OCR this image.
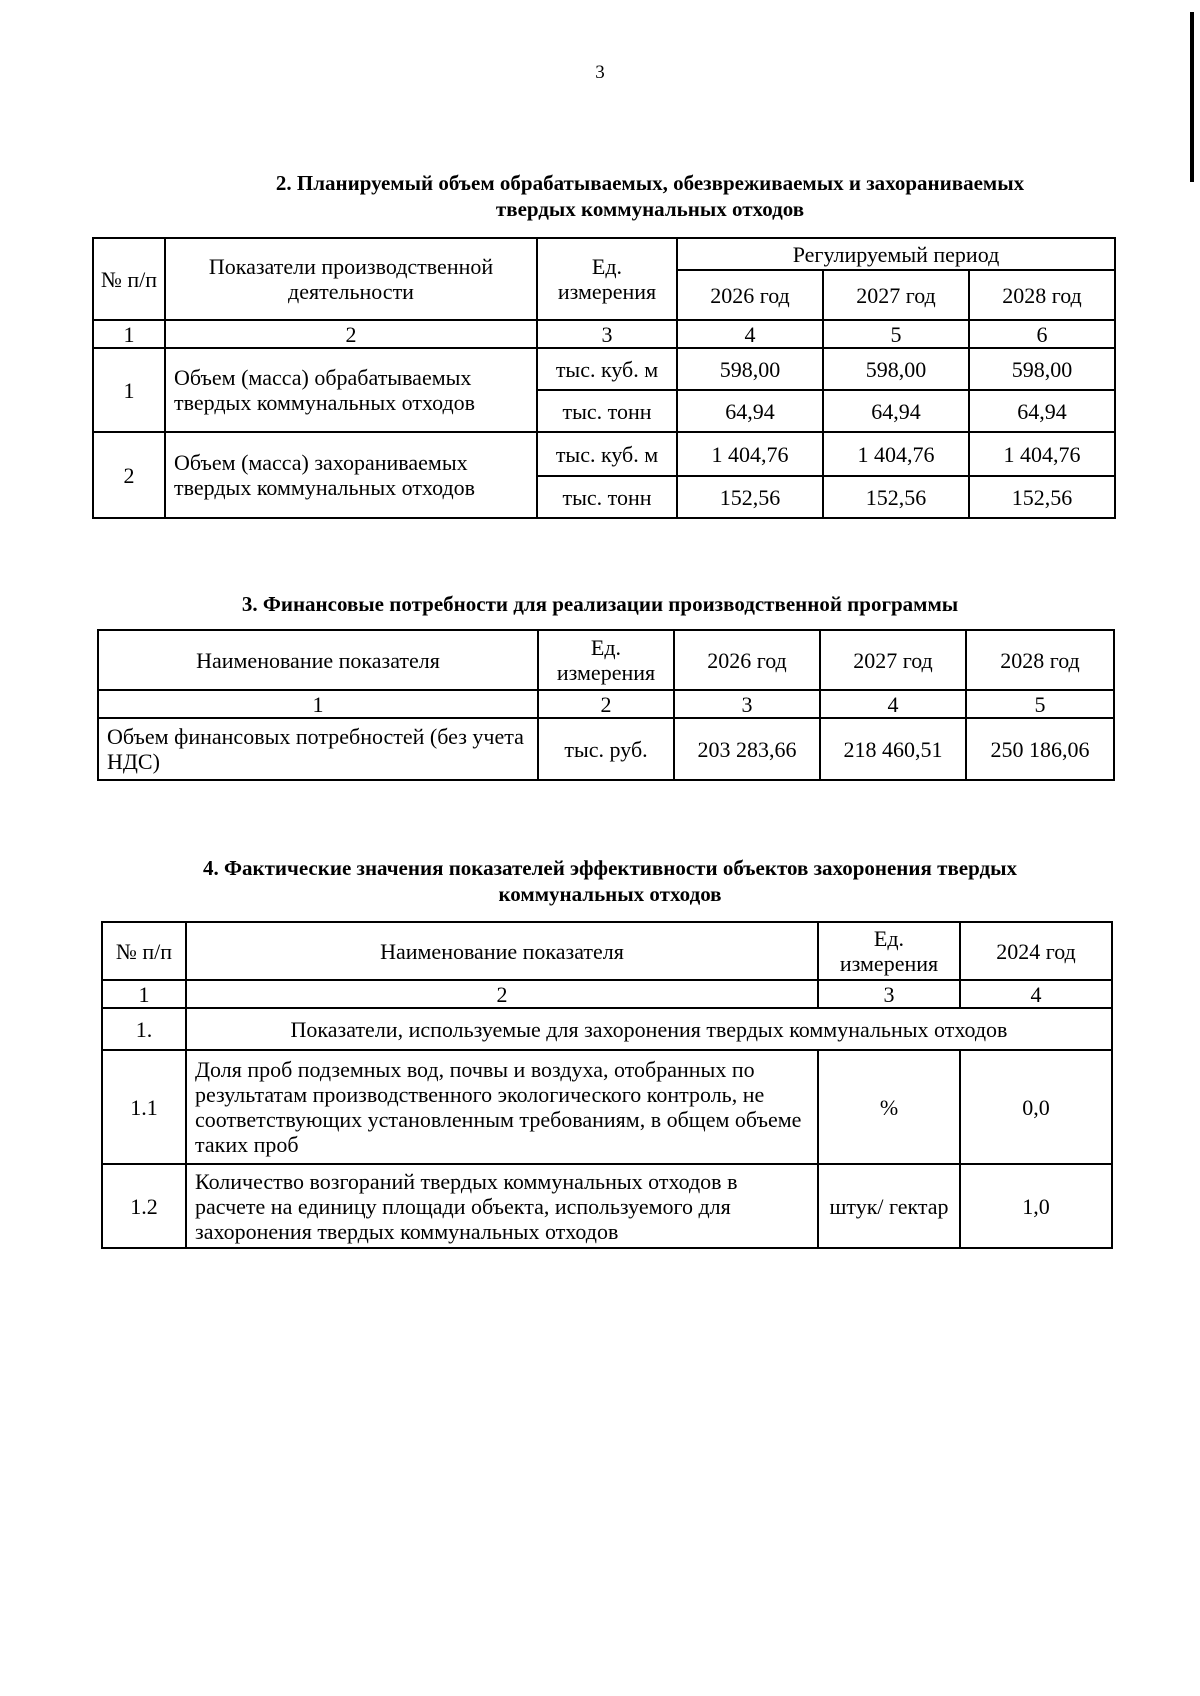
3
2. Планируемый объем обрабатываемых, обезвреживаемых и захораниваемых
твердых коммунальных отходов
№ п/п	Показатели производственной деятельности	Ед. измерения	Регулируемый период		
			2026 год	2027 год	2028 год
1	2	3	4	5	6
1	Объем (масса) обрабатываемых твердых коммунальных отходов	тыс. куб. м	598,00	598,00	598,00
		тыс. тонн	64,94	64,94	64,94
2	Объем (масса) захораниваемых твердых коммунальных отходов	тыс. куб. м	1 404,76	1 404,76	1 404,76
		тыс. тонн	152,56	152,56	152,56
3. Финансовые потребности для реализации производственной программы
Наименование показателя	Ед. измерения	2026 год	2027 год	2028 год
1	2	3	4	5
Объем финансовых потребностей (без учета НДС)	тыс. руб.	203 283,66	218 460,51	250 186,06
4. Фактические значения показателей эффективности объектов захоронения твердых
коммунальных отходов
№ п/п	Наименование показателя	Ед. измерения	2024 год
1	2	3	4
1.	Показатели, используемые для захоронения твердых коммунальных отходов		
1.1	Доля проб подземных вод, почвы и воздуха, отобранных по результатам производственного экологического контроль, не соответствующих установленным требованиям, в общем объеме таких проб	%	0,0
1.2	Количество возгораний твердых коммунальных отходов в расчете на единицу площади объекта, используемого для захоронения твердых коммунальных отходов	штук/ гектар	1,0
